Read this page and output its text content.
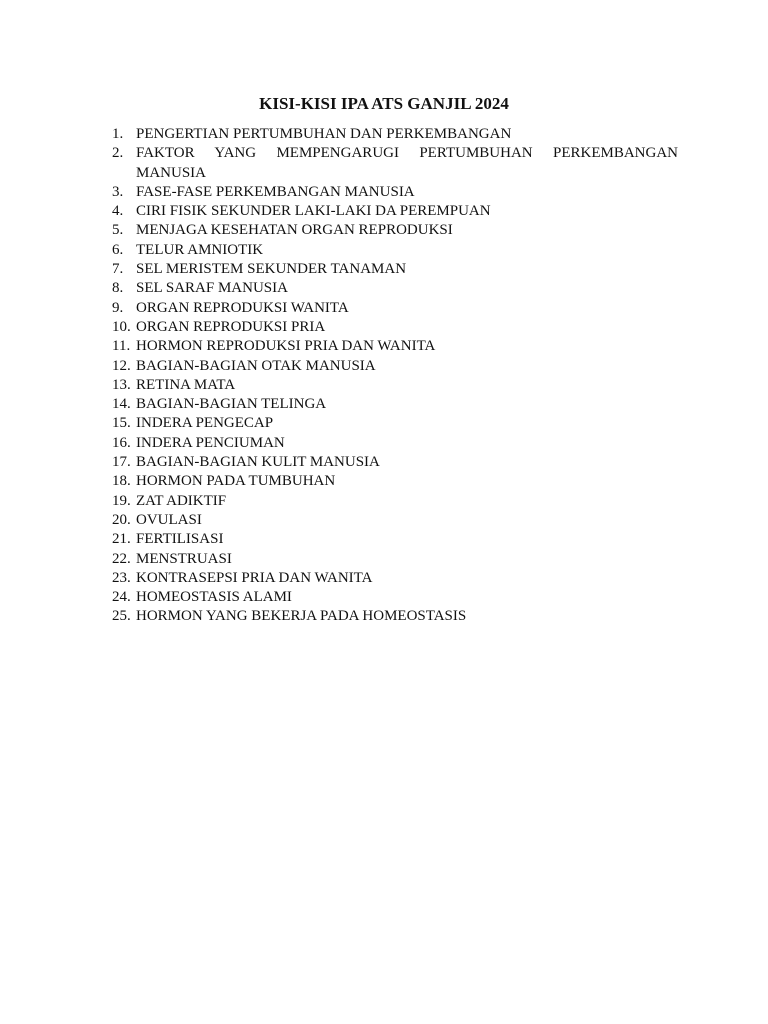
KISI-KISI IPA ATS GANJIL 2024
1. PENGERTIAN PERTUMBUHAN DAN PERKEMBANGAN
2. FAKTOR YANG MEMPENGARUGI PERTUMBUHAN PERKEMBANGAN MANUSIA
3. FASE-FASE PERKEMBANGAN MANUSIA
4. CIRI FISIK SEKUNDER LAKI-LAKI DA PEREMPUAN
5. MENJAGA KESEHATAN ORGAN REPRODUKSI
6. TELUR AMNIOTIK
7. SEL MERISTEM SEKUNDER TANAMAN
8. SEL SARAF MANUSIA
9. ORGAN REPRODUKSI WANITA
10. ORGAN REPRODUKSI PRIA
11. HORMON REPRODUKSI PRIA DAN WANITA
12. BAGIAN-BAGIAN OTAK MANUSIA
13. RETINA MATA
14. BAGIAN-BAGIAN TELINGA
15. INDERA PENGECAP
16. INDERA PENCIUMAN
17. BAGIAN-BAGIAN KULIT MANUSIA
18. HORMON PADA TUMBUHAN
19. ZAT ADIKTIF
20. OVULASI
21. FERTILISASI
22. MENSTRUASI
23. KONTRASEPSI PRIA DAN WANITA
24. HOMEOSTASIS ALAMI
25. HORMON YANG BEKERJA PADA HOMEOSTASIS
